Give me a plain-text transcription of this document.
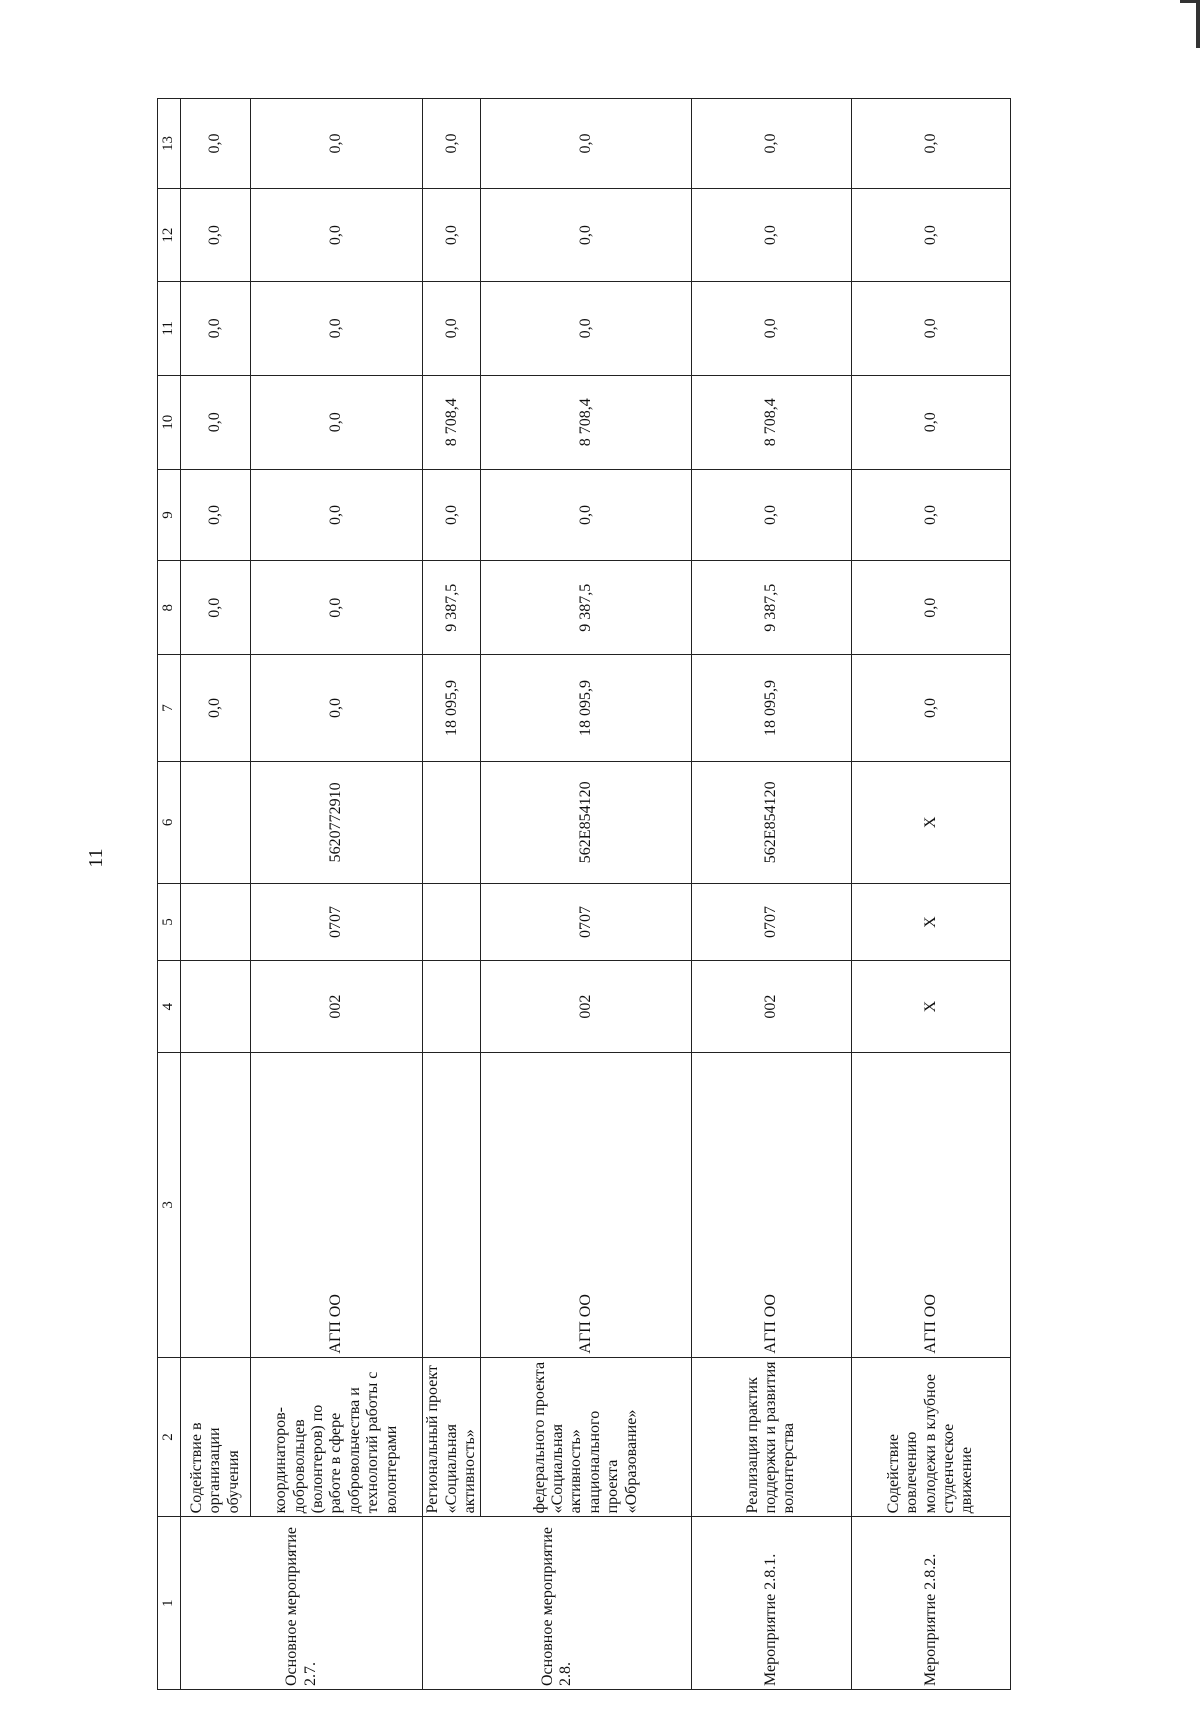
11
1	2	3	4	5	6	7	8	9	10	11	12	13
Основное мероприятие 2.7.	Содействие в организации обучения					0,0	0,0	0,0	0,0	0,0	0,0	0,0
	координаторов-добровольцев (волонтеров) по работе в сфере добровольчества и технологий работы с волонтерами	АГП ОО	002	0707	5620772910	0,0	0,0	0,0	0,0	0,0	0,0	0,0
Основное мероприятие 2.8.	Региональный проект «Социальная активность»					18 095,9	9 387,5	0,0	8 708,4	0,0	0,0	0,0
	федерального проекта «Социальная активность» национального проекта «Образование»	АГП ОО	002	0707	562E854120	18 095,9	9 387,5	0,0	8 708,4	0,0	0,0	0,0
Мероприятие 2.8.1.	Реализация практик поддержки и развития волонтерства	АГП ОО	002	0707	562E854120	18 095,9	9 387,5	0,0	8 708,4	0,0	0,0	0,0
Мероприятие 2.8.2.	Содействие вовлечению молодежи в клубное студенческое движение	АГП ОО	Х	Х	Х	0,0	0,0	0,0	0,0	0,0	0,0	0,0
